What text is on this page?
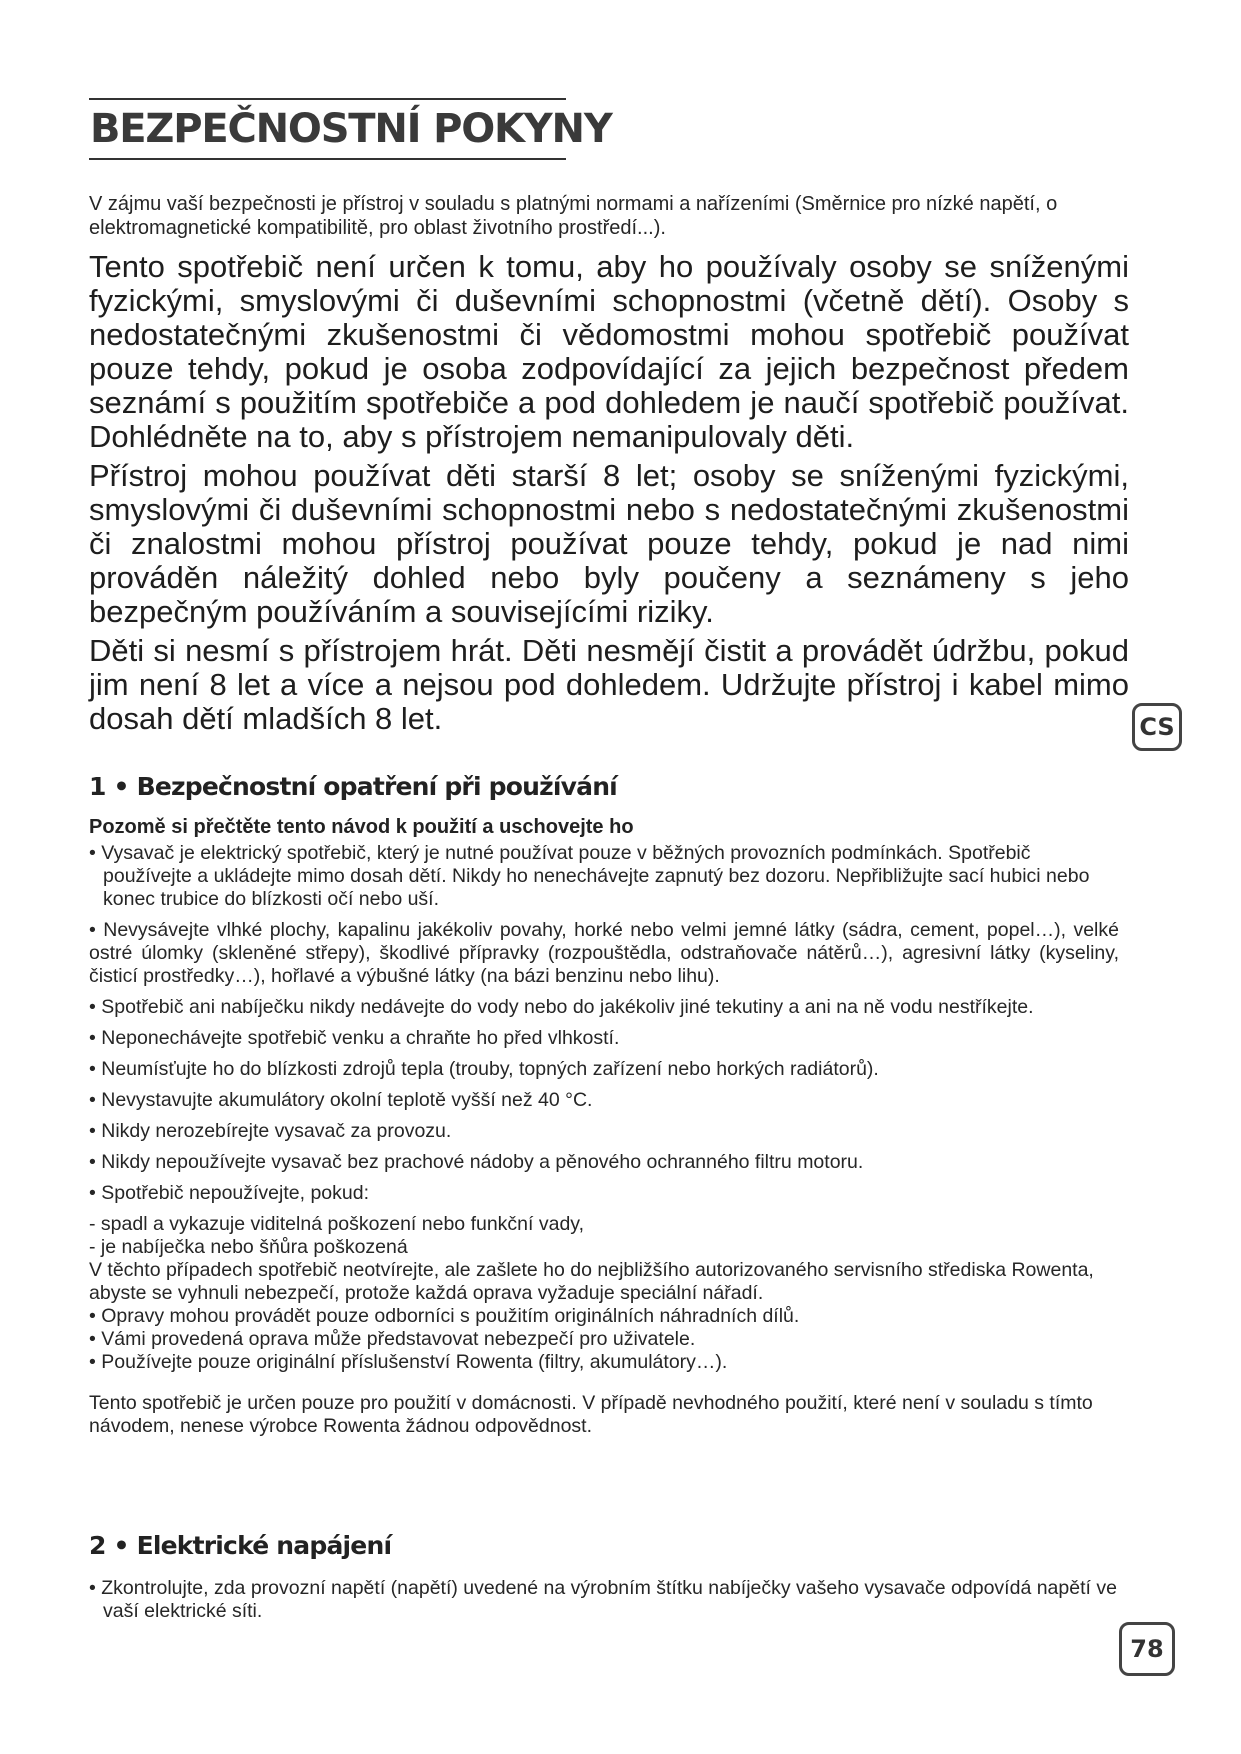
BEZPEČNOSTNÍ POKYNY

V zájmu vaší bezpečnosti je přístroj v souladu s platnými normami a nařízeními (Směrnice pro nízké napětí, o elektromagnetické kompatibilitě, pro oblast životního prostředí...).

Tento spotřebič není určen k tomu, aby ho používaly osoby se sníženými fyzickými, smyslovými či duševními schopnostmi (včetně dětí). Osoby s nedostatečnými zkušenostmi či vědomostmi mohou spotřebič používat pouze tehdy, pokud je osoba zodpovídající za jejich bezpečnost předem seznámí s použitím spotřebiče a pod dohledem je naučí spotřebič používat. Dohlédněte na to, aby s přístrojem nemanipulovaly děti.

Přístroj mohou používat děti starší 8 let; osoby se sníženými fyzickými, smyslovými či duševními schopnostmi nebo s nedostatečnými zkušenostmi či znalostmi mohou přístroj používat pouze tehdy, pokud je nad nimi prováděn náležitý dohled nebo byly poučeny a seznámeny s jeho bezpečným používáním a souvisejícími riziky.

Děti si nesmí s přístrojem hrát. Děti nesmějí čistit a provádět údržbu, pokud jim není 8 let a více a nejsou pod dohledem. Udržujte přístroj i kabel mimo dosah dětí mladších 8 let.	CS
1 • Bezpečnostní opatření při používání

Pozomě si přečtěte tento návod k použití a uschovejte ho

• Vysavač je elektrický spotřebič, který je nutné používat pouze v běžných provozních podmínkách. Spotřebič používejte a ukládejte mimo dosah dětí. Nikdy ho nenechávejte zapnutý bez dozoru. Nepřibližujte sací hubici nebo konec trubice do blízkosti očí nebo uší.

• Nevysávejte vlhké plochy, kapalinu jakékoliv povahy, horké nebo velmi jemné látky (sádra, cement, popel…), velké ostré úlomky (skleněné střepy), škodlivé přípravky (rozpouštědla, odstraňovače nátěrů…), agresivní látky (kyseliny, čisticí prostředky…), hořlavé a výbušné látky (na bázi benzinu nebo lihu).

• Spotřebič ani nabíječku nikdy nedávejte do vody nebo do jakékoliv jiné tekutiny a ani na ně vodu nestříkejte.

• Neponechávejte spotřebič venku a chraňte ho před vlhkostí.

• Neumísťujte ho do blízkosti zdrojů tepla (trouby, topných zařízení nebo horkých radiátorů).

• Nevystavujte akumulátory okolní teplotě vyšší než 40 °C.

• Nikdy nerozebírejte vysavač za provozu.

• Nikdy nepoužívejte vysavač bez prachové nádoby a pěnového ochranného filtru motoru.

• Spotřebič nepoužívejte, pokud:

- spadl a vykazuje viditelná poškození nebo funkční vady,

- je nabíječka nebo šňůra poškozená

V těchto případech spotřebič neotvírejte, ale zašlete ho do nejbližšího autorizovaného servisního střediska Rowenta, abyste se vyhnuli nebezpečí, protože každá oprava vyžaduje speciální nářadí.

• Opravy mohou provádět pouze odborníci s použitím originálních náhradních dílů.

• Vámi provedená oprava může představovat nebezpečí pro uživatele.

• Používejte pouze originální příslušenství Rowenta (filtry, akumulátory…).

Tento spotřebič je určen pouze pro použití v domácnosti. V případě nevhodného použití, které není v souladu s tímto návodem, nenese výrobce Rowenta žádnou odpovědnost.

2 • Elektrické napájení

• Zkontrolujte, zda provozní napětí (napětí) uvedené na výrobním štítku nabíječky vašeho vysavače odpovídá napětí ve vaší elektrické síti.

78
